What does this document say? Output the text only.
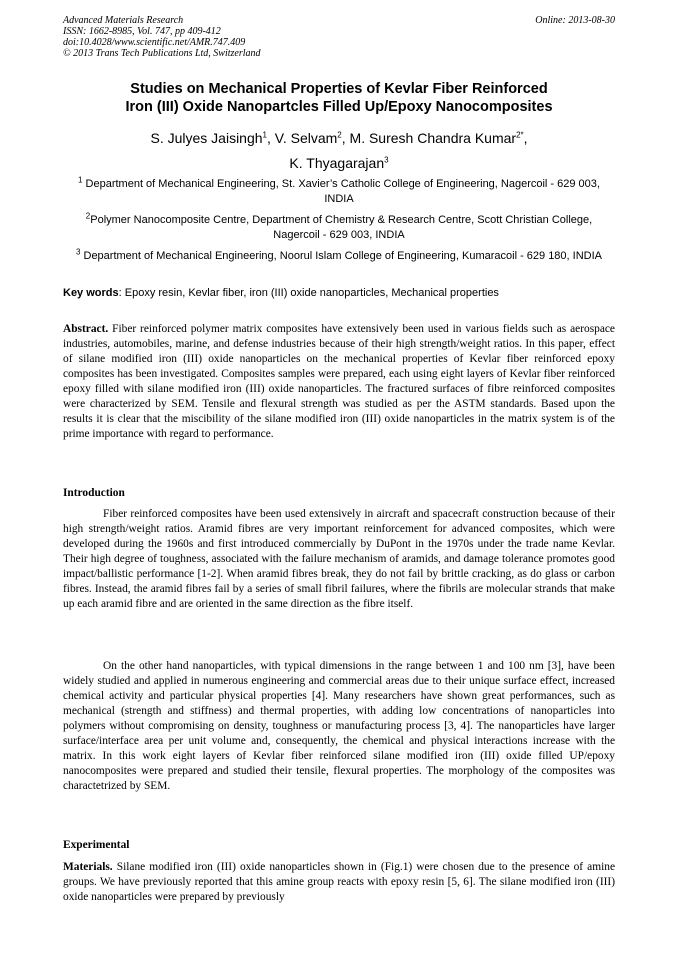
Advanced Materials Research
ISSN: 1662-8985, Vol. 747, pp 409-412
doi:10.4028/www.scientific.net/AMR.747.409
© 2013 Trans Tech Publications Ltd, Switzerland
Online: 2013-08-30
Studies on Mechanical Properties of Kevlar Fiber Reinforced
Iron (III) Oxide Nanopartcles Filled Up/Epoxy Nanocomposites
S. Julyes Jaisingh$^1$, V. Selvam$^2$, M. Suresh Chandra Kumar$^{2*}$,
K. Thyagarajan$^3$
$^1$ Department of Mechanical Engineering, St. Xavier’s Catholic College of Engineering, Nagercoil - 629 003, INDIA
$^2$Polymer Nanocomposite Centre, Department of Chemistry & Research Centre, Scott Christian College, Nagercoil - 629 003, INDIA
$^3$ Department of Mechanical Engineering, Noorul Islam College of Engineering, Kumaracoil - 629 180, INDIA
Key words: Epoxy resin, Kevlar fiber, iron (III) oxide nanoparticles, Mechanical properties
Abstract. Fiber reinforced polymer matrix composites have extensively been used in various fields such as aerospace industries, automobiles, marine, and defense industries because of their high strength/weight ratios. In this paper, effect of silane modified iron (III) oxide nanoparticles on the mechanical properties of Kevlar fiber reinforced epoxy composites has been investigated. Composites samples were prepared, each using eight layers of Kevlar fiber reinforced epoxy filled with silane modified iron (III) oxide nanoparticles. The fractured surfaces of fibre reinforced composites were characterized by SEM. Tensile and flexural strength was studied as per the ASTM standards. Based upon the results it is clear that the miscibility of the silane modified iron (III) oxide nanoparticles in the matrix system is of the prime importance with regard to performance.
Introduction
Fiber reinforced composites have been used extensively in aircraft and spacecraft construction because of their high strength/weight ratios. Aramid fibres are very important reinforcement for advanced composites, which were developed during the 1960s and first introduced commercially by DuPont in the 1970s under the trade name Kevlar. Their high degree of toughness, associated with the failure mechanism of aramids, and damage tolerance promotes good impact/ballistic performance [1-2]. When aramid fibres break, they do not fail by brittle cracking, as do glass or carbon fibres. Instead, the aramid fibres fail by a series of small fibril failures, where the fibrils are molecular strands that make up each aramid fibre and are oriented in the same direction as the fibre itself.
On the other hand nanoparticles, with typical dimensions in the range between 1 and 100 nm [3], have been widely studied and applied in numerous engineering and commercial areas due to their unique surface effect, increased chemical activity and particular physical properties [4]. Many researchers have shown great performances, such as mechanical (strength and stiffness) and thermal properties, with adding low concentrations of nanoparticles into polymers without compromising on density, toughness or manufacturing process [3, 4]. The nanoparticles have larger surface/interface area per unit volume and, consequently, the chemical and physical interactions increase with the matrix. In this work eight layers of Kevlar fiber reinforced silane modified iron (III) oxide filled UP/epoxy nanocomposites were prepared and studied their tensile, flexural properties. The morphology of the composites was charactetrized by SEM.
Experimental
Materials. Silane modified iron (III) oxide nanoparticles shown in (Fig.1) were chosen due to the presence of amine groups. We have previously reported that this amine group reacts with epoxy resin [5, 6]. The silane modified iron (III) oxide nanoparticles were prepared by previously
